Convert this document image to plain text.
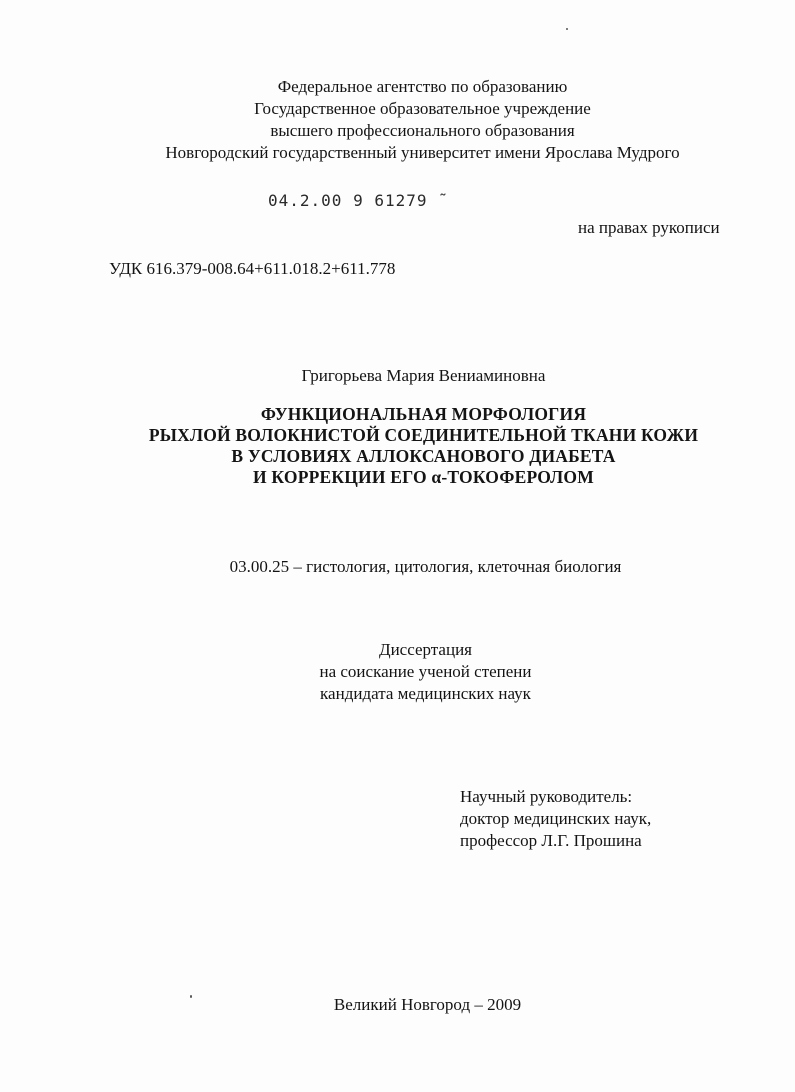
Федеральное агентство по образованию
Государственное образовательное учреждение
высшего профессионального образования
Новгородский государственный университет имени Ярослава Мудрого
04.2.00 9 61279 ˜
на правах рукописи
УДК 616.379-008.64+611.018.2+611.778
Григорьева Мария Вениаминовна
ФУНКЦИОНАЛЬНАЯ МОРФОЛОГИЯ
РЫХЛОЙ ВОЛОКНИСТОЙ СОЕДИНИТЕЛЬНОЙ ТКАНИ КОЖИ
В УСЛОВИЯХ АЛЛОКСАНОВОГО ДИАБЕТА
И КОРРЕКЦИИ ЕГО α-ТОКОФЕРОЛОМ
03.00.25 – гистология, цитология, клеточная биология
Диссертация
на соискание ученой степени
кандидата медицинских наук
Научный руководитель:
доктор медицинских наук,
профессор Л.Г. Прошина
Великий Новгород – 2009
